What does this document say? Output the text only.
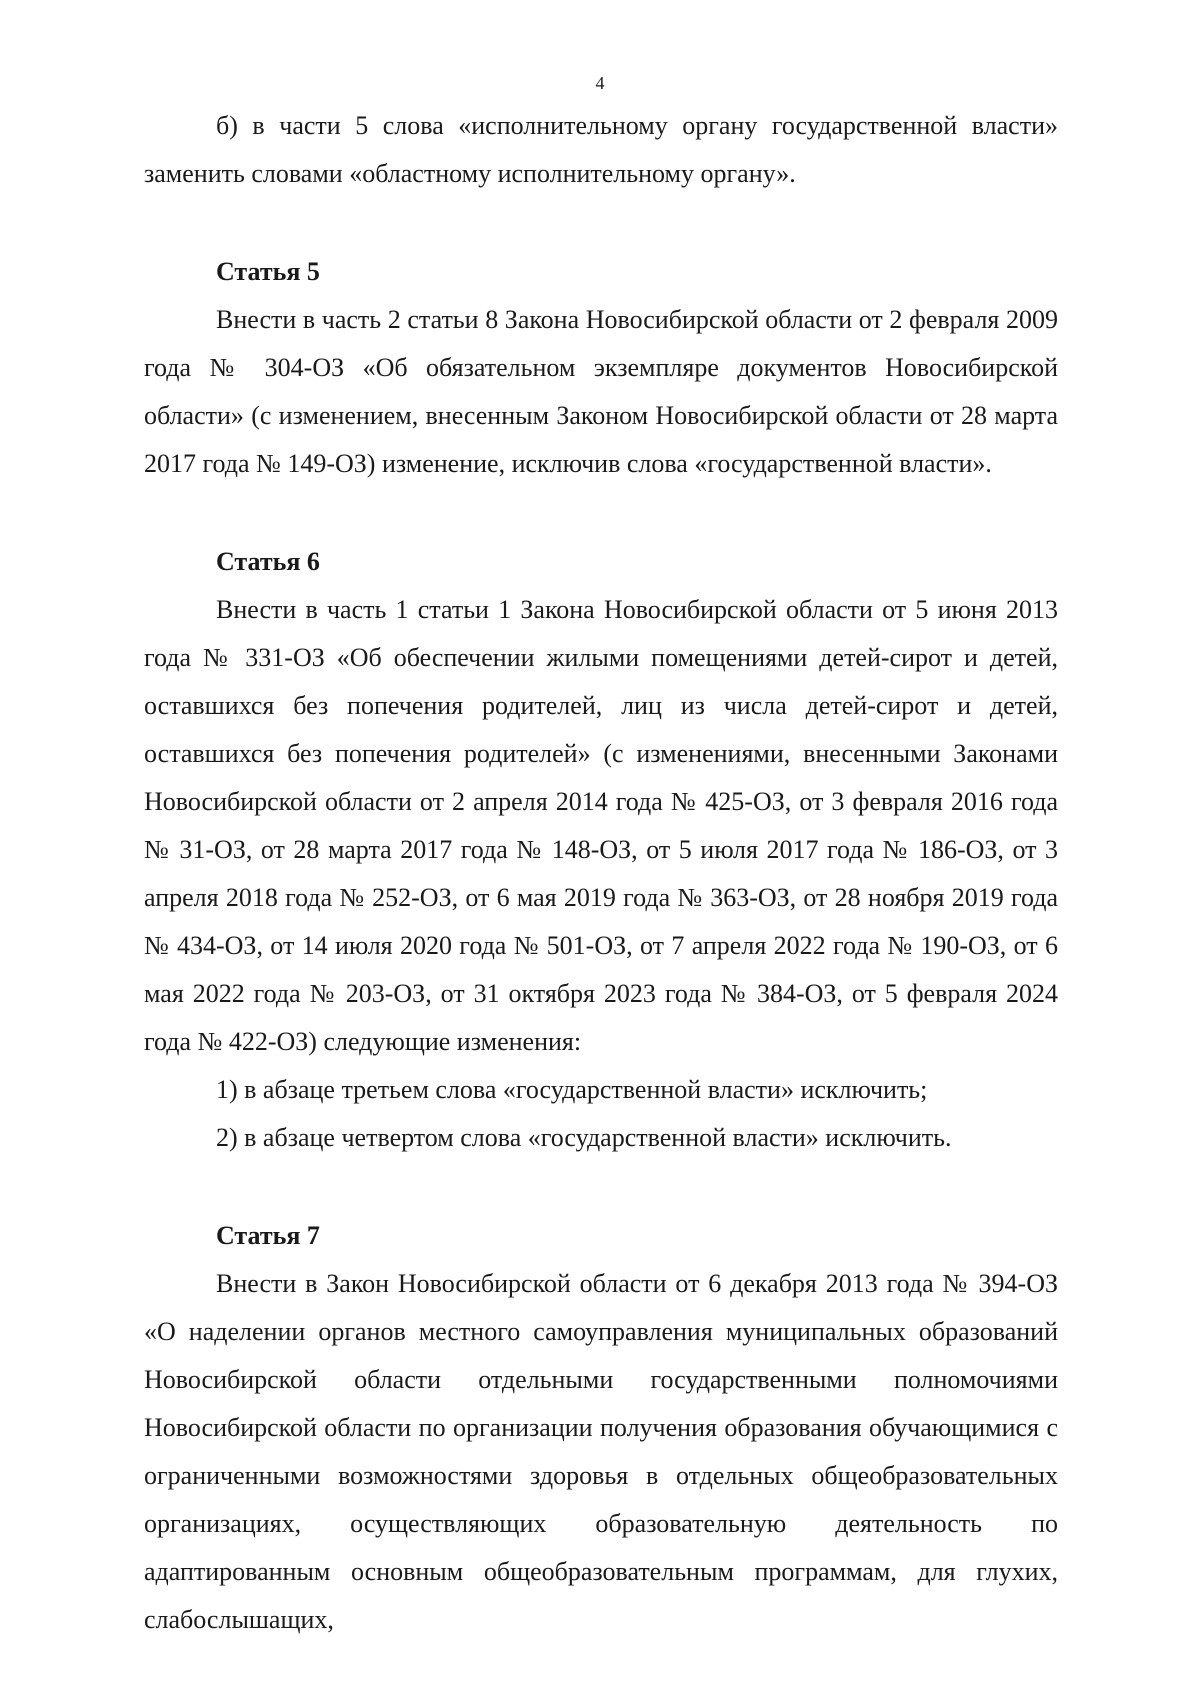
4

б) в части 5 слова «исполнительному органу государственной власти» заменить словами «областному исполнительному органу».

Статья 5

Внести в часть 2 статьи 8 Закона Новосибирской области от 2 февраля 2009 года № 304-ОЗ «Об обязательном экземпляре документов Новосибирской области» (с изменением, внесенным Законом Новосибирской области от 28 марта 2017 года № 149-ОЗ) изменение, исключив слова «государственной власти».

Статья 6

Внести в часть 1 статьи 1 Закона Новосибирской области от 5 июня 2013 года № 331-ОЗ «Об обеспечении жилыми помещениями детей-сирот и детей, оставшихся без попечения родителей, лиц из числа детей-сирот и детей, оставшихся без попечения родителей» (с изменениями, внесенными Законами Новосибирской области от 2 апреля 2014 года № 425-ОЗ, от 3 февраля 2016 года № 31-ОЗ, от 28 марта 2017 года № 148-ОЗ, от 5 июля 2017 года № 186-ОЗ, от 3 апреля 2018 года № 252-ОЗ, от 6 мая 2019 года № 363-ОЗ, от 28 ноября 2019 года № 434-ОЗ, от 14 июля 2020 года № 501-ОЗ, от 7 апреля 2022 года № 190-ОЗ, от 6 мая 2022 года № 203-ОЗ, от 31 октября 2023 года № 384-ОЗ, от 5 февраля 2024 года № 422-ОЗ) следующие изменения:

1) в абзаце третьем слова «государственной власти» исключить;

2) в абзаце четвертом слова «государственной власти» исключить.

Статья 7

Внести в Закон Новосибирской области от 6 декабря 2013 года № 394-ОЗ «О наделении органов местного самоуправления муниципальных образований Новосибирской области отдельными государственными полномочиями Новосибирской области по организации получения образования обучающимися с ограниченными возможностями здоровья в отдельных общеобразовательных организациях, осуществляющих образовательную деятельность по адаптированным основным общеобразовательным программам, для глухих, слабослышащих,
